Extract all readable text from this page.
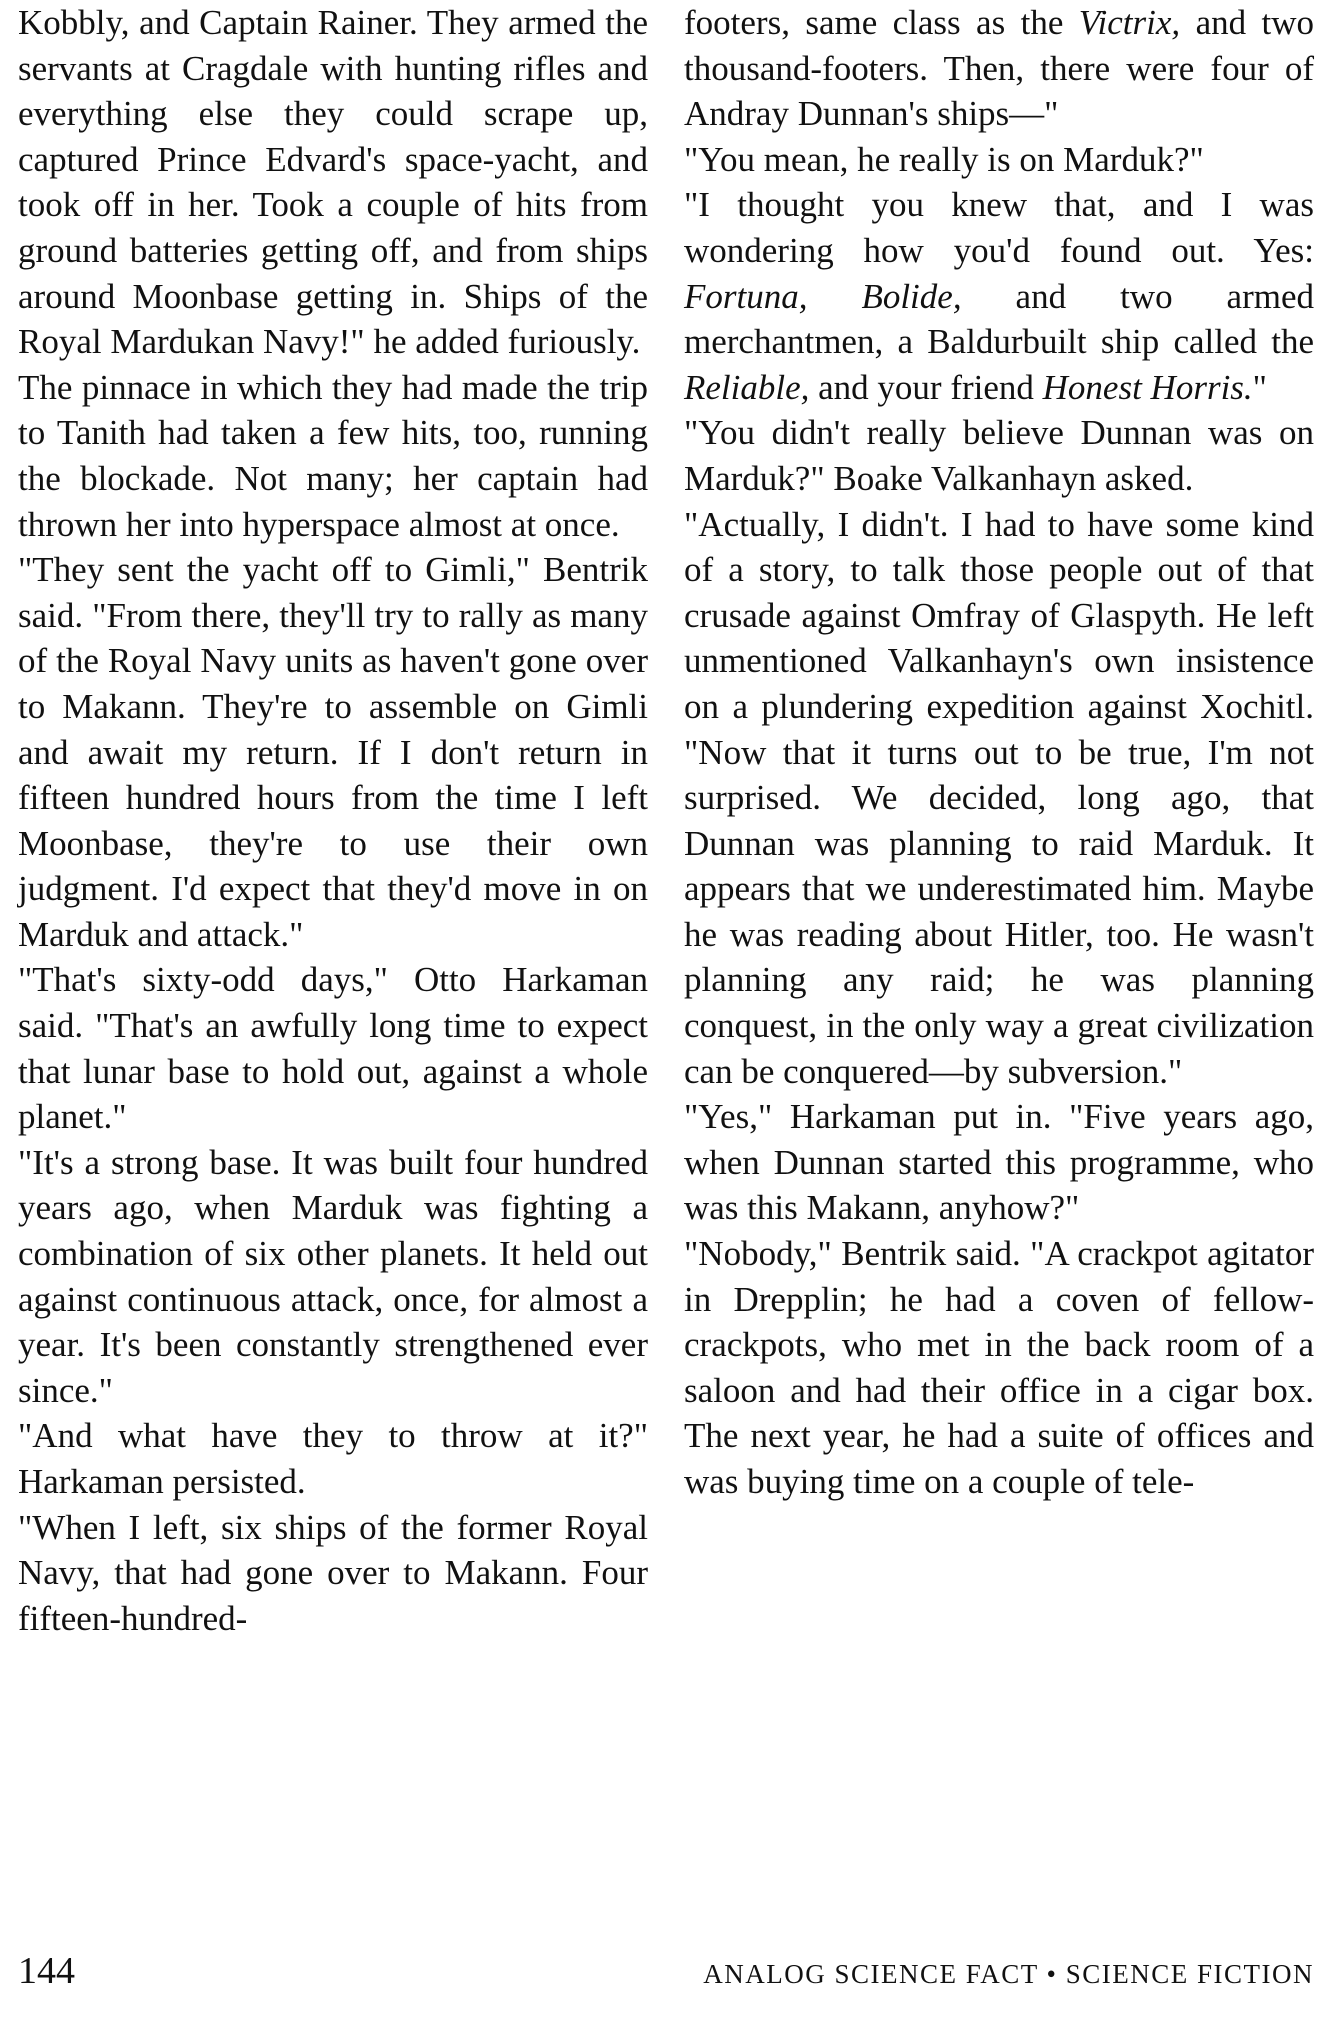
Kobbly, and Captain Rainer. They armed the servants at Cragdale with hunting rifles and everything else they could scrape up, captured Prince Edvard's space-yacht, and took off in her. Took a couple of hits from ground batteries getting off, and from ships around Moonbase getting in. Ships of the Royal Mardukan Navy!" he added furiously.

The pinnace in which they had made the trip to Tanith had taken a few hits, too, running the blockade. Not many; her captain had thrown her into hyperspace almost at once.

"They sent the yacht off to Gimli," Bentrik said. "From there, they'll try to rally as many of the Royal Navy units as haven't gone over to Makann. They're to assemble on Gimli and await my return. If I don't return in fifteen hundred hours from the time I left Moonbase, they're to use their own judgment. I'd expect that they'd move in on Marduk and attack."

"That's sixty-odd days," Otto Harkaman said. "That's an awfully long time to expect that lunar base to hold out, against a whole planet."

"It's a strong base. It was built four hundred years ago, when Marduk was fighting a combination of six other planets. It held out against continuous attack, once, for almost a year. It's been constantly strengthened ever since."

"And what have they to throw at it?" Harkaman persisted.

"When I left, six ships of the former Royal Navy, that had gone over to Makann. Four fifteen-hundred-

footers, same class as the Victrix, and two thousand-footers. Then, there were four of Andray Dunnan's ships—"

"You mean, he really is on Marduk?"

"I thought you knew that, and I was wondering how you'd found out. Yes: Fortuna, Bolide, and two armed merchantmen, a Baldurbuilt ship called the Reliable, and your friend Honest Horris."

"You didn't really believe Dunnan was on Marduk?" Boake Valkanhayn asked.

"Actually, I didn't. I had to have some kind of a story, to talk those people out of that crusade against Omfray of Glaspyth. He left unmentioned Valkanhayn's own insistence on a plundering expedition against Xochitl. "Now that it turns out to be true, I'm not surprised. We decided, long ago, that Dunnan was planning to raid Marduk. It appears that we underestimated him. Maybe he was reading about Hitler, too. He wasn't planning any raid; he was planning conquest, in the only way a great civilization can be conquered—by subversion."

"Yes," Harkaman put in. "Five years ago, when Dunnan started this programme, who was this Makann, anyhow?"

"Nobody," Bentrik said. "A crackpot agitator in Drepplin; he had a coven of fellow-crackpots, who met in the back room of a saloon and had their office in a cigar box. The next year, he had a suite of offices and was buying time on a couple of tele-

144	ANALOG SCIENCE FACT • SCIENCE FICTION
